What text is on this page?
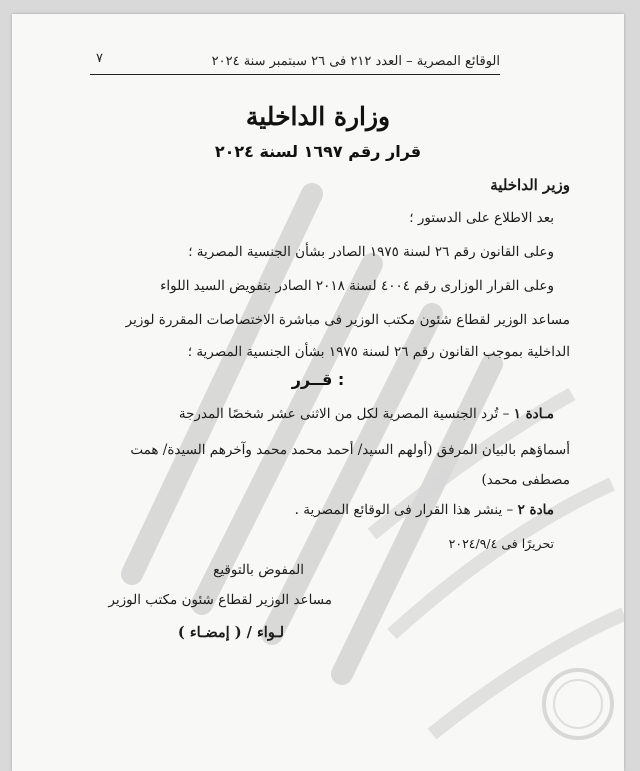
الوقائع المصرية – العدد ٢١٢ فى ٢٦ سبتمبر سنة ٢٠٢٤
٧
وزارة الداخلية
قرار رقم ١٦٩٧ لسنة ٢٠٢٤
وزير الداخلية
بعد الاطلاع على الدستور ؛
وعلى القانون رقم ٢٦ لسنة ١٩٧٥ الصادر بشأن الجنسية المصرية ؛
وعلى القرار الوزارى رقم ٤٠٠٤ لسنة ٢٠١٨ الصادر بتفويض السيد اللواء
مساعد الوزير لقطاع شئون مكتب الوزير فى مباشرة الاختصاصات المقررة لوزير
الداخلية بموجب القانون رقم ٢٦ لسنة ١٩٧٥ بشأن الجنسية المصرية ؛
قــرر :
مـادة ١ – تُرد الجنسية المصرية لكل من الاثنى عشر شخصًا المدرجة
أسماؤهم بالبيان المرفق (أولهم السيد/ أحمد محمد محمد وآخرهم السيدة/ همت
مصطفى محمد)
مادة ٢ – ينشر هذا القرار فى الوقائع المصرية .
تحريرًا فى ٢٠٢٤/٩/٤
المفوض بالتوقيع
مساعد الوزير لقطاع شئون مكتب الوزير
لـواء / ( إمضـاء )
